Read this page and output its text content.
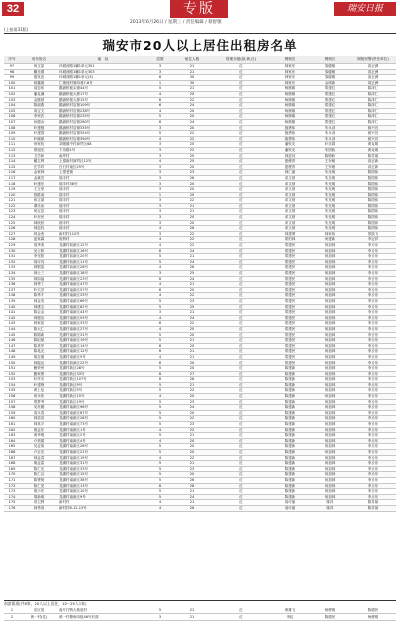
32	专版
2013年6月26日 / 星期三 / 责任编辑 / 蔡舒敏
瑞安日报
(上接第31版)
瑞安市20人以上居住出租房名单
序号	房东姓名	地　址	层数	租住人数	管理分级(绿,黄,红)	网格员	网格长	网格民警(责任单位)
97	何文星	环城西路1幢1单元301	3	21	红	林家东	邹健敏	高正洲
98	戴光增	环城西路1幢1单元303	3	21	红	林家东	邹健敏	高正洲
99	施发忠	环城西路1幢1单元(5)	6	30	红	林家东	邹健敏	高正洲
100	蒋鑫德	仁康西村第四巷7-8号	1	30	红	林家东	金鸿新	周正洲
101	周忠伟	鹅浦桥板头街44号	5	21	红	杨鼎雄	郑建红	陈泽仁
102	潘克谦	鹅浦桥板大厦17号	4	20	红	杨鼎雄	郑建红	陈泽仁
103	金继财	鹅浦桥板大厦15号	6	22	红	杨鼎雄	郑建红	陈泽仁
104	陈丽燕	鹅浦桥村店街109号	6	24	红	杨鼎雄	郑建红	陈泽仁
105	周宝文	鹅浦桥村店街238号	4	20	红	杨鼎雄	郑建红	陈泽仁
106	李荣武	鹅浦桥村店街235号	5	20	红	杨鼎雄	郑建红	陈泽仁
107	孙德余	鹅浦桥村店街260号	6	24	红	杨鼎雄	郑建红	陈泽仁
108	叶建强	鹅浦桥村店街335号	3	20	红	施勇伟	朱永剑	薛兴官
109	叶建国	鹅浦桥村店街354号	5	22	红	施勇伟	朱永剑	薛兴官
110	叶晓斌	鹅浦桥村店街390号	4	22	红	施勇伟	朱永剑	薛兴官
111	何家机	莘塍镇中村商贸区68	3	20	红	潘钦友	叶乐群	黄克明
112	郑旭光	下坊路1号	3	22	红	潘钦友	朱国政	黄克明
113	卫学和	南岸村	3	20	红	林廷其	陈锦盼	陈芳斌
114	戴立利	上望新村商贸区12号	4	25	红	夏俊青	王东敏	高正新
115	庄学祥	白石村南区25号	3	20	红	夏俊青	王东敏	高正新
116	金家林	上望老街	3	23	红	林仁丽	朱光明	陈国伟
117	金斌亮	瑞丰村	3	26	红	邓文财	朱光明	陈国伟
118	叶建东	瑞丰村38号	3	20	红	邓文财	朱光明	陈国伟
119	王玉荣	瑞丰村	3	20	红	邓文财	朱光明	陈国伟
120	钱胜南	瑞丰村	1	20	红	邓文财	朱光明	陈国伟
121	蒋文斌	瑞丰村	3	22	红	邓文财	朱光明	陈国伟
122	谭乐泉	瑞丰村	3	21	红	邓文财	朱光明	陈国伟
123	何宝忠	瑞丰村	3	21	红	邓文财	朱光明	陈国伟
124	叶东民	瑞丰村	3	20	红	邓文财	朱光明	陈国伟
125	林欣欣	瑞丰村	3	20	红	邓文财	朱光明	陈国伟
126	林忠权	瑞丰村	4	26	红	邓文财	朱光明	陈国伟
127	林金贵	新村村110号	3	22	红	林建勇	林家伟	蔡凯飞
128	蓝家霖	府桥村	4	22	红	郑伯林	何建新	李定祥
129	周秀美	龙湖村前新区12号	4	22	红	郑建民	何加林	李丘东
130	吴士桥	龙湖村前新区16号	6	24	红	郑建民	何加林	李丘东
131	李光阳	龙湖村前新区20号	5	21	红	郑建民	何加林	李丘东
132	周可具	龙湖村前新区11号	5	24	红	郑建民	何加林	李丘东
133	林银雷	龙湖村前新区26号	4	26	红	郑建民	何加林	李丘东
134	林士三	龙湖村南新区18号	3	25	红	郑建民	何加林	李丘东
135	林如福	龙湖村南新区23号	6	24	红	郑建民	何加林	李丘东
136	林秀丁	龙湖村南新区47号	4	21	红	郑建民	何加林	李丘东
137	叶天洋	龙湖村南新区57号	6	20	红	郑建民	何加林	李丘东
138	陈秀才	龙湖村南新区33号	4	22	红	郑建民	何加林	李丘东
139	林金发	龙湖村南新区66号	5	23	红	郑建民	何加林	李丘东
140	林康宝	龙湖村南新区62号	5	25	红	郑建民	何加林	李丘东
141	陈会金	龙湖村南新区44号	3	21	红	郑建民	何加林	李丘东
142	林德洁	龙湖村南新区53号	4	24	红	郑建民	何加林	李丘东
143	林家星	龙湖村南新区33号	6	22	红	郑建民	何加林	李丘东
144	陈大仁	龙湖村南新区27号	4	20	红	郑建民	何加林	李丘东
145	陈锦新	龙湖村南新区31号	5	20	红	郑建民	何加林	李丘东
146	陈纪斌	龙湖村南新区19号	5	21	红	郑建民	何加林	李丘东
147	陈其华	龙湖村南新区14号	6	20	红	郑建民	何加林	李丘东
148	陈兆光	龙湖村南新区12号	6	21	红	郑建民	何加林	李丘东
149	胡自德	龙湖村南新区5号	4	21	红	郑建民	何加林	李丘东
150	林振达	龙湖村前新区22号	6	20	红	郑建民	何加林	李丘东
151	鲍荣州	龙湖村新区28号	5	20	红	陈建新	何加林	李丘东
152	鲍家鲁	龙湖村新区33号	6	27	红	陈建新	何加林	李丘东
153	叶作安	龙湖村新区107号	6	26	红	陈建新	何加林	李丘东
154	叶建锋	龙湖村新区9号	5	21	红	陈建新	何加林	李丘东
155	黄上伦	龙湖村新区5号	5	22	红	陈建新	何加林	李丘东
156	何永松	龙湖村新区15号	4	20	红	陈建新	何加林	李丘东
157	郑梦秀	龙湖村新区19号	5	23	红	陈建新	何加林	李丘东
158	吴亮刚	龙湖村南新区96号	5	24	红	陈建新	何加林	李丘东
159	周永春	龙湖村南新区67号	5	20	红	陈建新	何加林	李丘东
160	林苗苗	龙湖村南新区26号	5	22	红	陈建新	何加林	李丘东
161	林其平	龙湖村南新区73号	5	23	红	陈建新	何加林	李丘东
162	胡孟东	龙湖村南新区1号	4	22	红	陈建新	何加林	李丘东
163	黄华明	龙湖村南新区2号	5	21	红	陈建新	何加林	李丘东
164	卢美娟	龙湖村南新区4号	4	20	红	陈建新	何加林	李丘东
165	吴孟菊	龙湖村南新区26号	5	20	红	陈建新	何加林	李丘东
166	卢正光	龙湖村南新区21号	5	20	红	陈建新	何加林	李丘东
167	林孟春	龙湖村南新区19号	4	22	红	陈建新	何加林	李丘东
168	胡孟雷	龙湖村南新区31号	5	21	红	陈建新	何加林	李丘东
169	陈仁光	龙湖村南新区33号	5	23	红	陈建新	何加林	李丘东
170	陈仁汉	龙湖村南新区15号	5	20	红	陈建新	何加林	李丘东
171	陈贤明	龙湖村南新区38号	5	26	红	陈建新	何加林	李丘东
172	陈仁见	龙湖村南新区13号	6	28	红	陈建新	何加林	李丘东
173	胡小东	龙湖村南新区10号	5	21	红	陈建新	何加林	李丘东
174	胡新明	龙湖村南新区9号	5	24	红	陈建新	何加林	李丘东
175	项卫利	新村村	4	21	红	周可丽	陈祥	陈芳斌
176	林秀春	新村村8-12-13号	4	26	红	周可丽	陈祥	陈芳斌
南滨街道(共8家，20人以上居住，10~25人1家)
1	应巨宽	南片打鸭大巷底村	5	21	红	黄雄飞	杨俊明	陈德民
2	黄一村(住)	黄一村塘角四组46号后面	3	21	红	李虹	陈德民	杨俊明
